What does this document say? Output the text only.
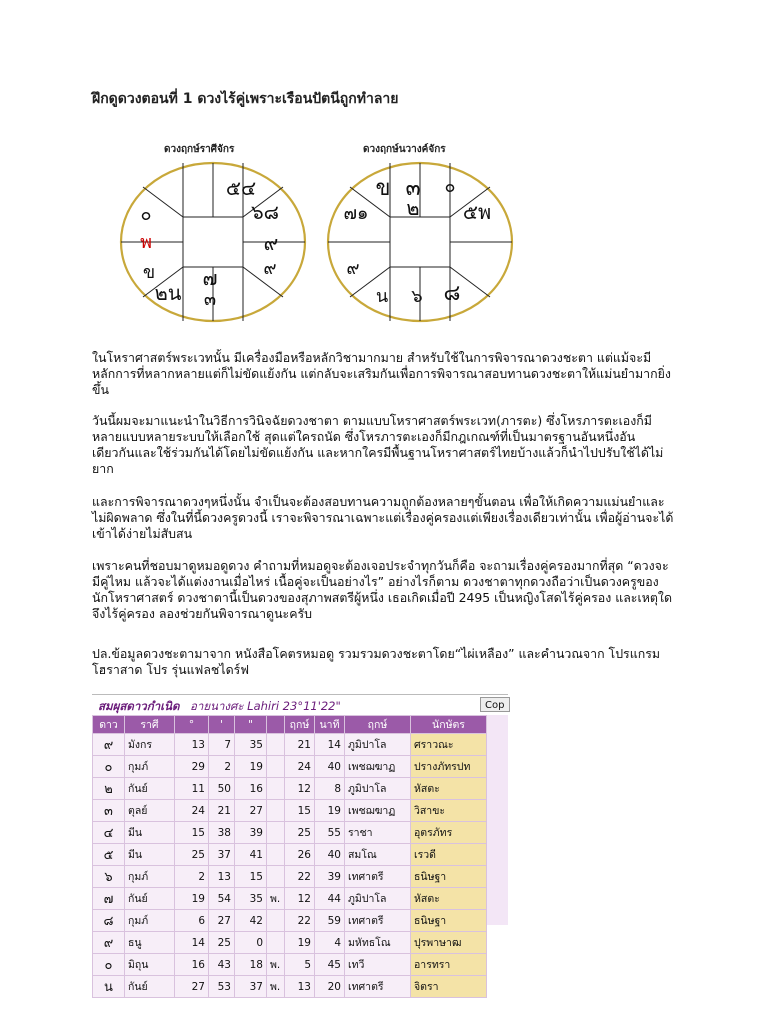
ฝึกดูดวงตอนที่ 1 ดวงไร้คู่เพราะเรือนปัตนีถูกทำลาย
ดวงฤกษ์ราศีจักร	ดวงฤกษ์นวางค์จักร
๕๔
๖๘
๙
๙
๗
๓
ข
๒น
พ
๐
ข ๓
๒
๐
๕พ
๘
๖
น
๙
๗๑

ในโหราศาสตร์พระเวทนั้น มีเครื่องมือหรือหลักวิชามากมาย สำหรับใช้ในการพิจารณาดวงชะตา แต่แม้จะมีหลักการที่หลากหลายแต่ก็ไม่ขัดแย้งกัน แต่กลับจะเสริมกันเพื่อการพิจารณาสอบทานดวงชะตาให้แม่นยำมากยิ่งขึ้น

วันนี้ผมจะมาแนะนำในวิธีการวินิจฉัยดวงชาตา ตามแบบโหราศาสตร์พระเวท(ภารตะ) ซึ่งโหรภารตะเองก็มีหลายแบบหลายระบบให้เลือกใช้ สุดแต่ใครถนัด ซึ่งโหรภารตะเองก็มีกฎเกณฑ์ที่เป็นมาตรฐานอันหนึ่งอันเดียวกันและใช้ร่วมกันได้โดยไม่ขัดแย้งกัน และหากใครมีพื้นฐานโหราศาสตร์ไทยบ้างแล้วก็นำไปปรับใช้ได้ไม่ยาก

และการพิจารณาดวงๆหนึ่งนั้น จำเป็นจะต้องสอบทานความถูกต้องหลายๆขั้นตอน เพื่อให้เกิดความแม่นยำและไม่ผิดพลาด ซึ่งในที่นี้ดวงครูดวงนี้ เราจะพิจารณาเฉพาะแต่เรื่องคู่ครองแต่เพียงเรื่องเดียวเท่านั้น เพื่อผู้อ่านจะได้เข้าได้ง่ายไม่สับสน

เพราะคนที่ชอบมาดูหมอดูดวง คำถามที่หมอดูจะต้องเจอประจำทุกวันก็คือ จะถามเรื่องคู่ครองมากที่สุด “ดวงจะมีคู่ไหม แล้วจะได้แต่งงานเมื่อไหร่ เนื้อคู่จะเป็นอย่างไร” อย่างไรก็ตาม ดวงชาตาทุกดวงถือว่าเป็นดวงครูของนักโหราศาสตร์ ดวงชาตานี้เป็นดวงของสุภาพสตรีผู้หนึ่ง เธอเกิดเมื่อปี 2495 เป็นหญิงโสดไร้คู่ครอง และเหตุใดจึงไร้คู่ครอง ลองช่วยกันพิจารณาดูนะครับ

ปล.ข้อมูลดวงชะตามาจาก หนังสือโคตรหมอดู รวมรวมดวงชะตาโดย“ไผ่เหลือง” และคำนวณจาก โปรแกรมโฮราสาด โปร รุ่นแฟลชไดร์ฟ

สมผุสดาวกำเนิด อายนางศะ Lahiri 23°11'22"	Cop
ดาว	ราศี	°	'	"		ฤกษ์	นาที	ฤกษ์	นักษัตร
๙	มังกร	13	7	35		21	14	ภูมิปาโล	ศราวณะ
๐	กุมภ์	29	2	19		24	40	เพชฌฆาฏ	ปรางภัทรปท
๒	กันย์	11	50	16		12	8	ภูมิปาโล	หัสตะ
๓	ตุลย์	24	21	27		15	19	เพชฌฆาฏ	วิสาขะ
๔	มีน	15	38	39		25	55	ราชา	อุตรภัทร
๕	มีน	25	37	41		26	40	สมโณ	เรวดี
๖	กุมภ์	2	13	15		22	39	เทศาตรี	ธนิษฐา
๗	กันย์	19	54	35	พ.	12	44	ภูมิปาโล	หัสตะ
๘	กุมภ์	6	27	42		22	59	เทศาตรี	ธนิษฐา
๙	ธนู	14	25	0		19	4	มหัทธโณ	ปุรพาษาฒ
๐	มิถุน	16	43	18	พ.	5	45	เทวี	อารทรา
น	กันย์	27	53	37	พ.	13	20	เทศาตรี	จิตรา
